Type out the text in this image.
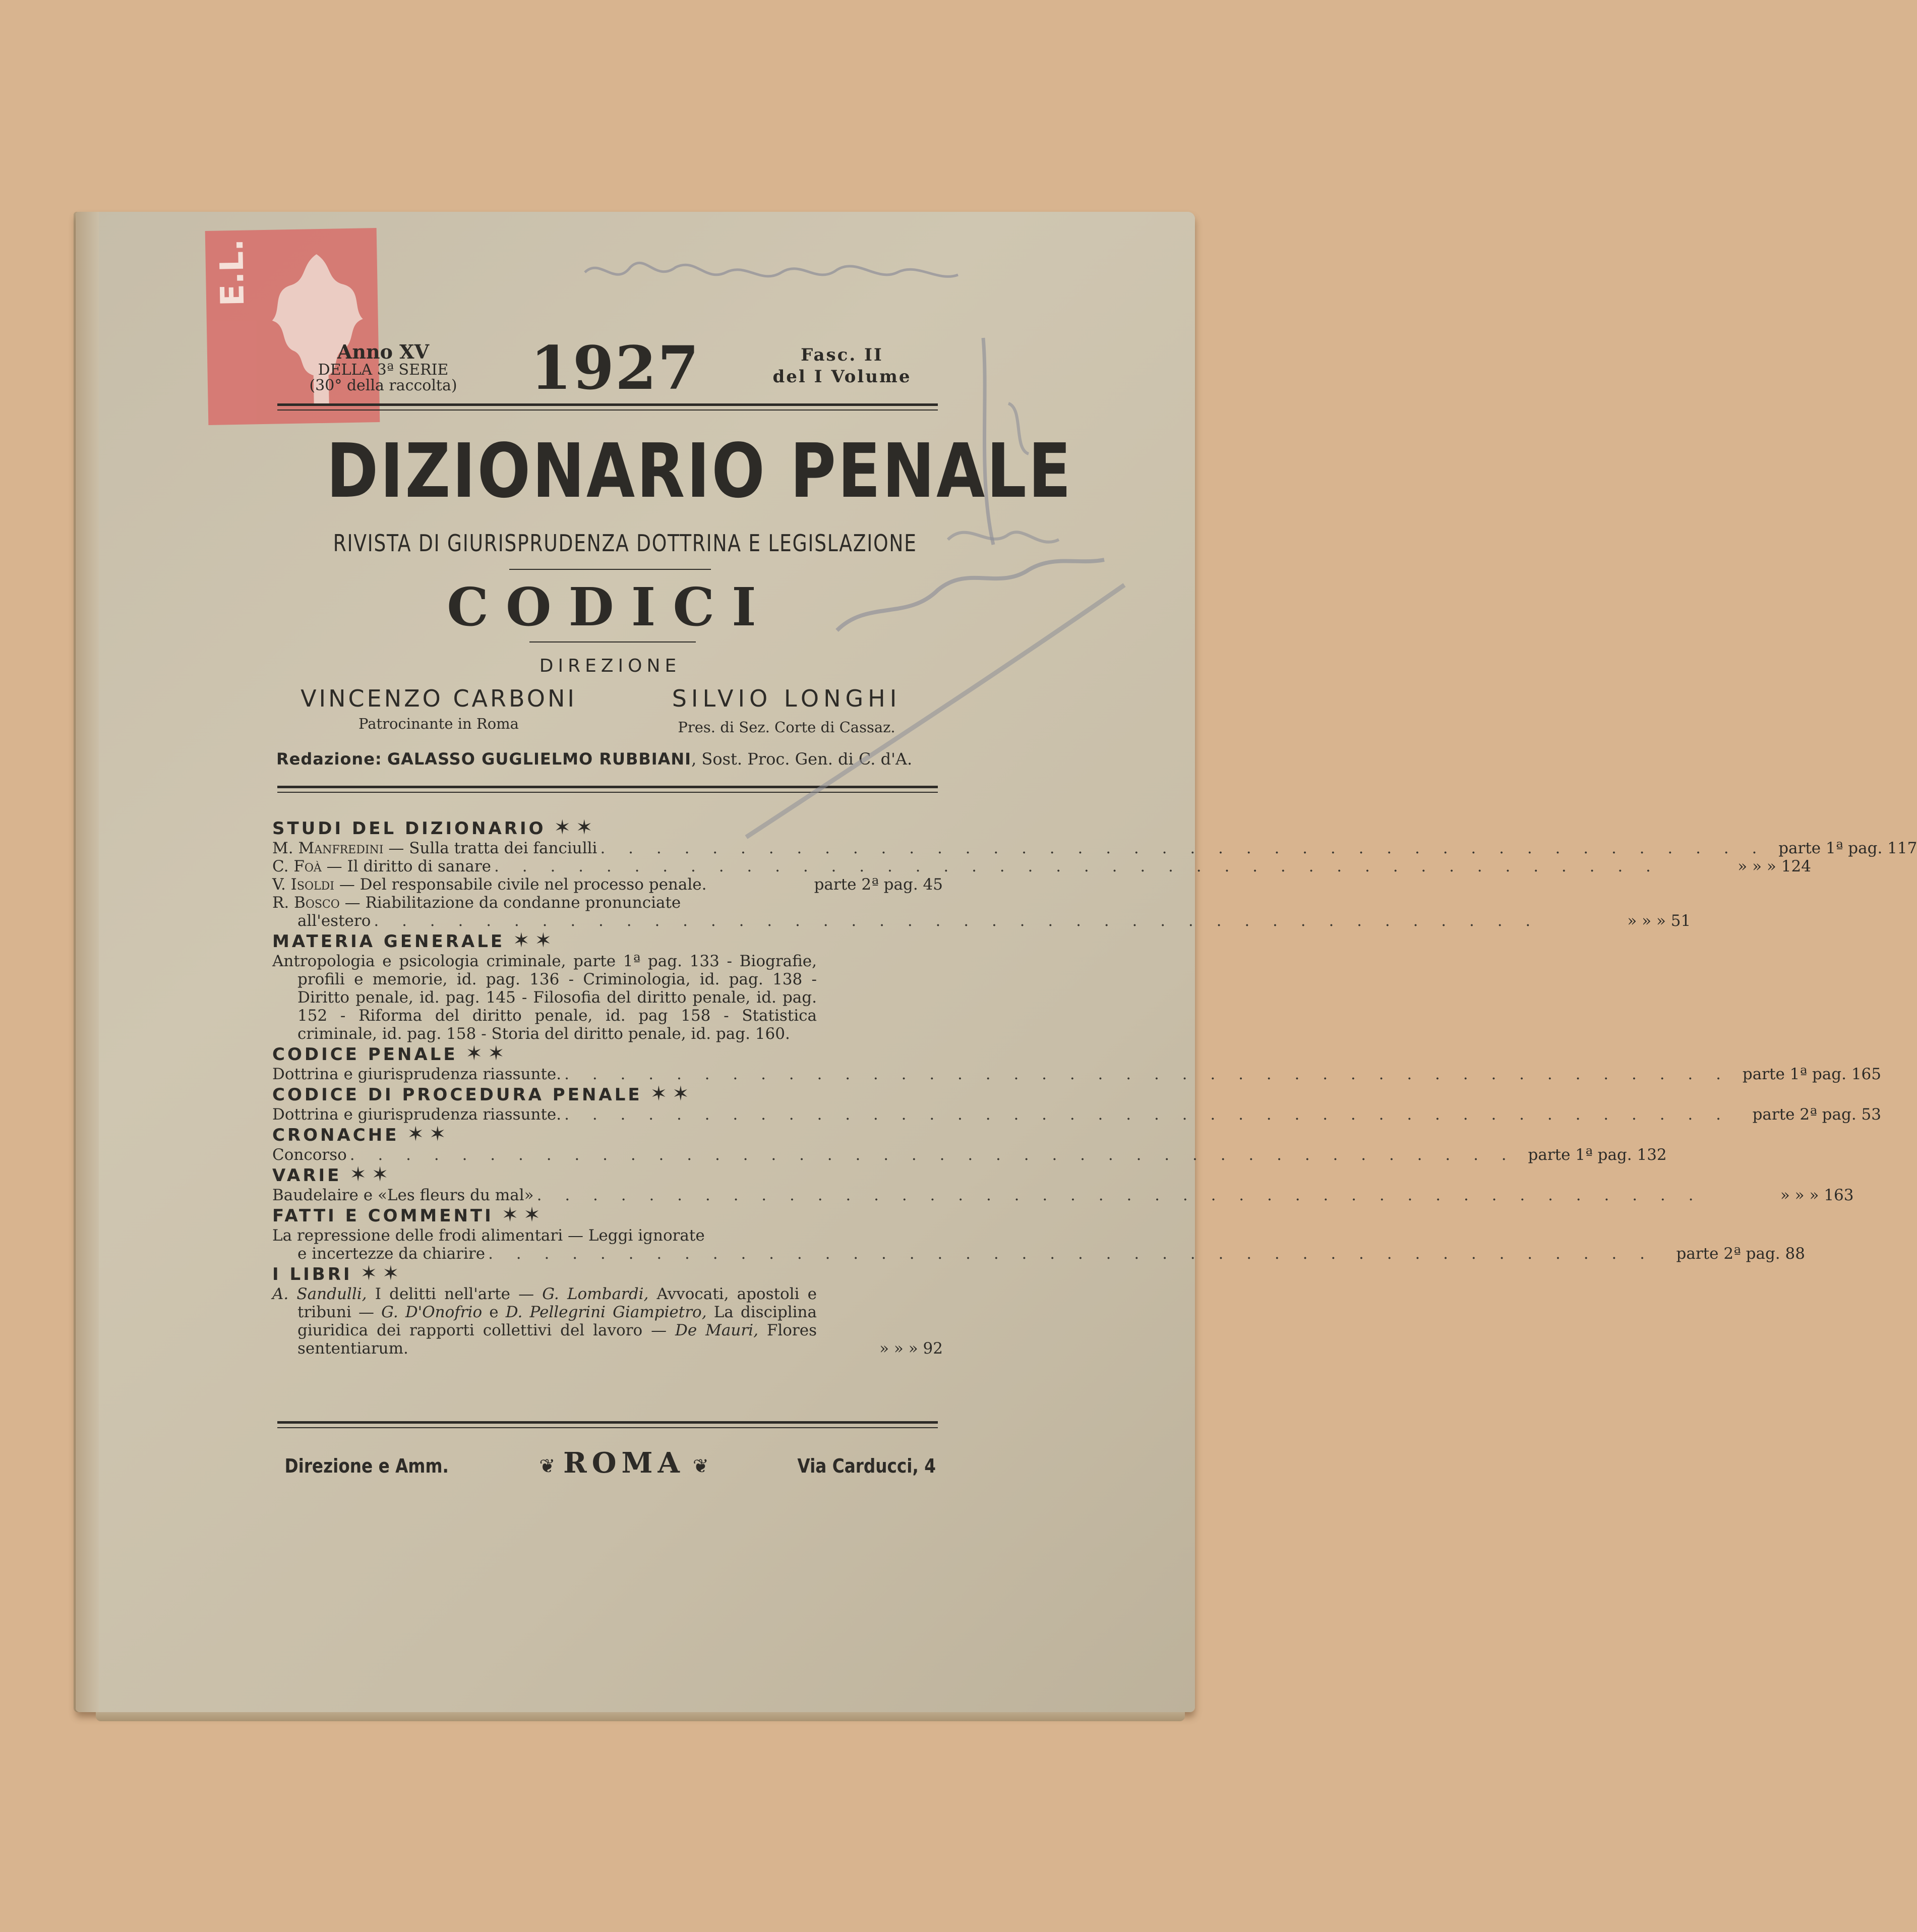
E.L.
Anno XV
DELLA 3ª SERIE
(30° della raccolta)	1927	Fasc. II
del I Volume
DIZIONARIO PENALE
RIVISTA DI GIURISPRUDENZA DOTTRINA E LEGISLAZIONE
CODICI
DIREZIONE
VINCENZO CARBONI	SILVIO LONGHI
Patrocinante in Roma	Pres. di Sez. Corte di Cassaz.
Redazione: GALASSO GUGLIELMO RUBBIANI, Sost. Proc. Gen. di C. d'A.
STUDI DEL DIZIONARIO ✶✶
M. Manfredini — Sulla tratta dei fanciulli . . . . . . . . . . . . . . . . . . . . . . . . . . . . . . . . . . . . . . . . . . parte 1ª pag. 117
C. Foà — Il diritto di sanare . . . . . . . . . . . . . . . . . . . . . . . . . . . . . . . . . . . . . . . . . .	» » » 124
V. Isoldi — Del responsabile civile nel processo penale.	parte 2ª pag. 45
R. Bosco — Riabilitazione da condanne pronunciate
all'estero . . . . . . . . . . . . . . . . . . . . . . . . . . . . . . . . . . . . . . . . . .	» » » 51
MATERIA GENERALE ✶✶
Antropologia e psicologia criminale, parte 1ª pag. 133 - Biografie, profili e memorie, id. pag. 136 - Criminologia, id. pag. 138 - Diritto penale, id. pag. 145 - Filosofia del diritto penale, id. pag. 152 - Riforma del diritto penale, id. pag 158 - Statistica criminale, id. pag. 158 - Storia del diritto penale, id. pag. 160.
CODICE PENALE ✶✶
Dottrina e giurisprudenza riassunte. . . . . . . . . . . . . . . . . . . . . . . . . . . . . . . . . . . . . . . . . . . parte 1ª pag. 165
CODICE DI PROCEDURA PENALE ✶✶
Dottrina e giurisprudenza riassunte. . . . . . . . . . . . . . . . . . . . . . . . . . . . . . . . . . . . . . . . . . .	parte 2ª pag. 53
CRONACHE ✶✶
Concorso . . . . . . . . . . . . . . . . . . . . . . . . . . . . . . . . . . . . . . . . . . parte 1ª pag. 132
VARIE ✶✶
Baudelaire e «Les fleurs du mal» . . . . . . . . . . . . . . . . . . . . . . . . . . . . . . . . . . . . . . . . . .	» » » 163
FATTI E COMMENTI ✶✶
La repressione delle frodi alimentari — Leggi ignorate
e incertezze da chiarire . . . . . . . . . . . . . . . . . . . . . . . . . . . . . . . . . . . . . . . . . .	parte 2ª pag. 88
I LIBRI ✶✶
A. Sandulli, I delitti nell'arte — G. Lombardi, Avvocati, apostoli e tribuni — G. D'Onofrio e D. Pellegrini Giampietro, La disciplina giuridica dei rapporti collettivi del lavoro — De Mauri, Flores sententiarum.	» » » 92
Direzione e Amm.	❦ ROMA ❦	Via Carducci, 4
